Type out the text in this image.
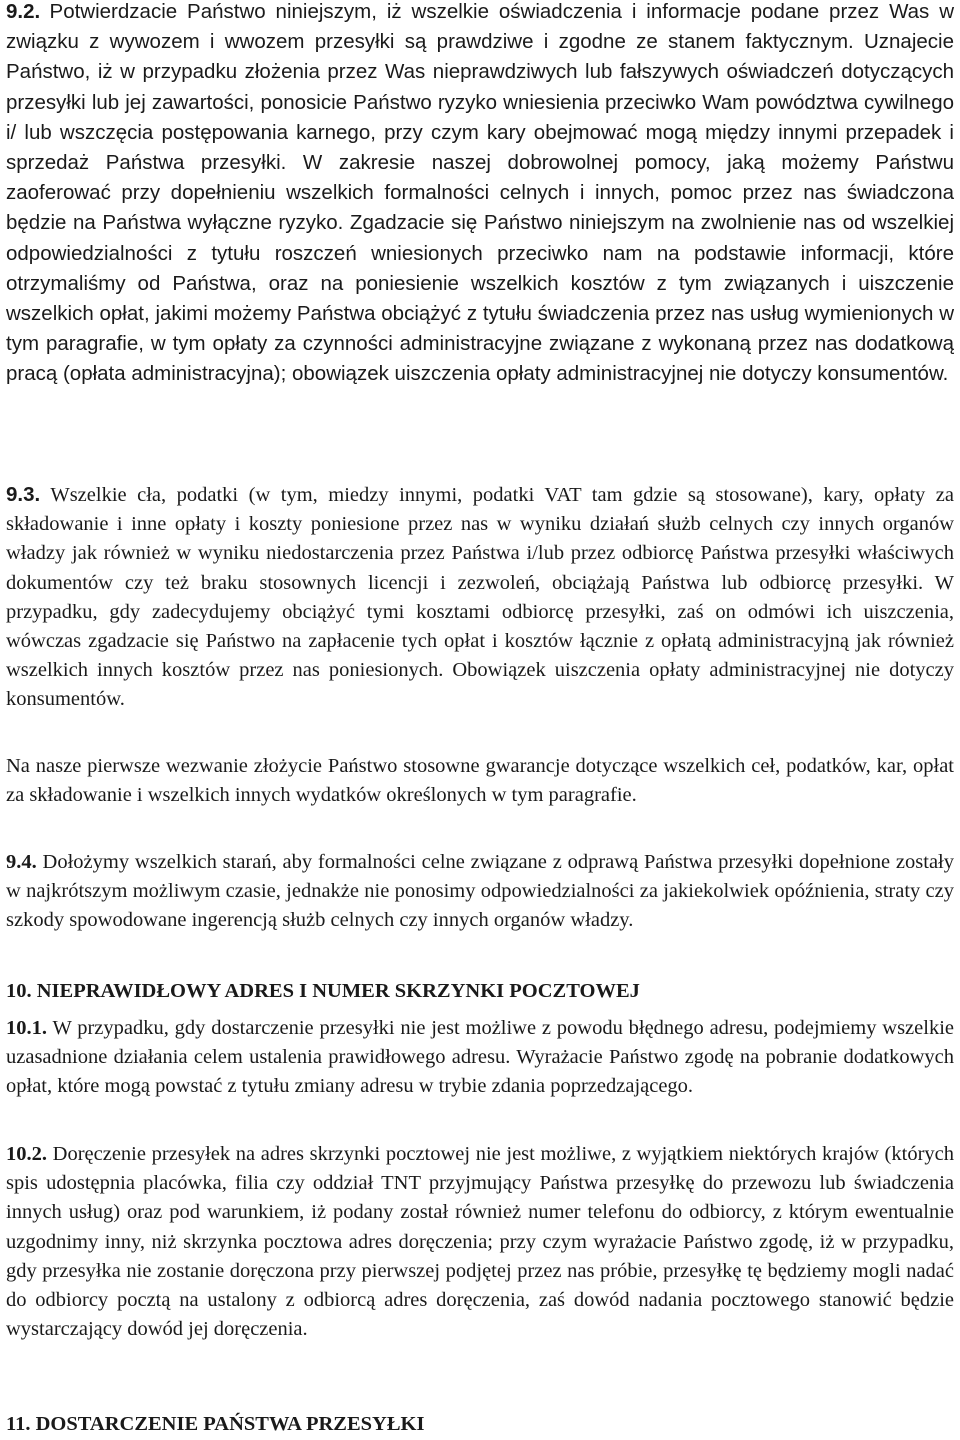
9.2. Potwierdzacie Państwo niniejszym, iż wszelkie oświadczenia i informacje podane przez Was w związku z wywozem i wwozem przesyłki są prawdziwe i zgodne ze stanem faktycznym. Uznajecie Państwo, iż w przypadku złożenia przez Was nieprawdziwych lub fałszywych oświadczeń dotyczących przesyłki lub jej zawartości, ponosicie Państwo ryzyko wniesienia przeciwko Wam powództwa cywilnego i/ lub wszczęcia postępowania karnego, przy czym kary obejmować mogą między innymi przepadek i sprzedaż Państwa przesyłki. W zakresie naszej dobrowolnej pomocy, jaką możemy Państwu zaoferować przy dopełnieniu wszelkich formalności celnych i innych, pomoc przez nas świadczona będzie na Państwa wyłączne ryzyko. Zgadzacie się Państwo niniejszym na zwolnienie nas od wszelkiej odpowiedzialności z tytułu roszczeń wniesionych przeciwko nam na podstawie informacji, które otrzymaliśmy od Państwa, oraz na poniesienie wszelkich kosztów z tym związanych i uiszczenie wszelkich opłat, jakimi możemy Państwa obciążyć z tytułu świadczenia przez nas usług wymienionych w tym paragrafie, w tym opłaty za czynności administracyjne związane z wykonaną przez nas dodatkową pracą (opłata administracyjna); obowiązek uiszczenia opłaty administracyjnej nie dotyczy konsumentów.

9.3. Wszelkie cła, podatki (w tym, miedzy innymi, podatki VAT tam gdzie są stosowane), kary, opłaty za składowanie i inne opłaty i koszty poniesione przez nas w wyniku działań służb celnych czy innych organów władzy jak również w wyniku niedostarczenia przez Państwa i/lub przez odbiorcę Państwa przesyłki właściwych dokumentów czy też braku stosownych licencji i zezwoleń, obciążają Państwa lub odbiorcę przesyłki. W przypadku, gdy zadecydujemy obciążyć tymi kosztami odbiorcę przesyłki, zaś on odmówi ich uiszczenia, wówczas zgadzacie się Państwo na zapłacenie tych opłat i kosztów łącznie z opłatą administracyjną jak również wszelkich innych kosztów przez nas poniesionych. Obowiązek uiszczenia opłaty administracyjnej nie dotyczy konsumentów.

Na nasze pierwsze wezwanie złożycie Państwo stosowne gwarancje dotyczące wszelkich ceł, podatków, kar, opłat za składowanie i wszelkich innych wydatków określonych w tym paragrafie.

9.4. Dołożymy wszelkich starań, aby formalności celne związane z odprawą Państwa przesyłki dopełnione zostały w najkrótszym możliwym czasie, jednakże nie ponosimy odpowiedzialności za jakiekolwiek opóźnienia, straty czy szkody spowodowane ingerencją służb celnych czy innych organów władzy.

10. NIEPRAWIDŁOWY ADRES I NUMER SKRZYNKI POCZTOWEJ

10.1. W przypadku, gdy dostarczenie przesyłki nie jest możliwe z powodu błędnego adresu, podejmiemy wszelkie uzasadnione działania celem ustalenia prawidłowego adresu. Wyrażacie Państwo zgodę na pobranie dodatkowych opłat, które mogą powstać z tytułu zmiany adresu w trybie zdania poprzedzającego.

10.2. Doręczenie przesyłek na adres skrzynki pocztowej nie jest możliwe, z wyjątkiem niektórych krajów (których spis udostępnia placówka, filia czy oddział TNT przyjmujący Państwa przesyłkę do przewozu lub świadczenia innych usług) oraz pod warunkiem, iż podany został również numer telefonu do odbiorcy, z którym ewentualnie uzgodnimy inny, niż skrzynka pocztowa adres doręczenia; przy czym wyrażacie Państwo zgodę, iż w przypadku, gdy przesyłka nie zostanie doręczona przy pierwszej podjętej przez nas próbie, przesyłkę tę będziemy mogli nadać do odbiorcy pocztą na ustalony z odbiorcą adres doręczenia, zaś dowód nadania pocztowego stanowić będzie wystarczający dowód jej doręczenia.

11. DOSTARCZENIE PAŃSTWA PRZESYŁKI
